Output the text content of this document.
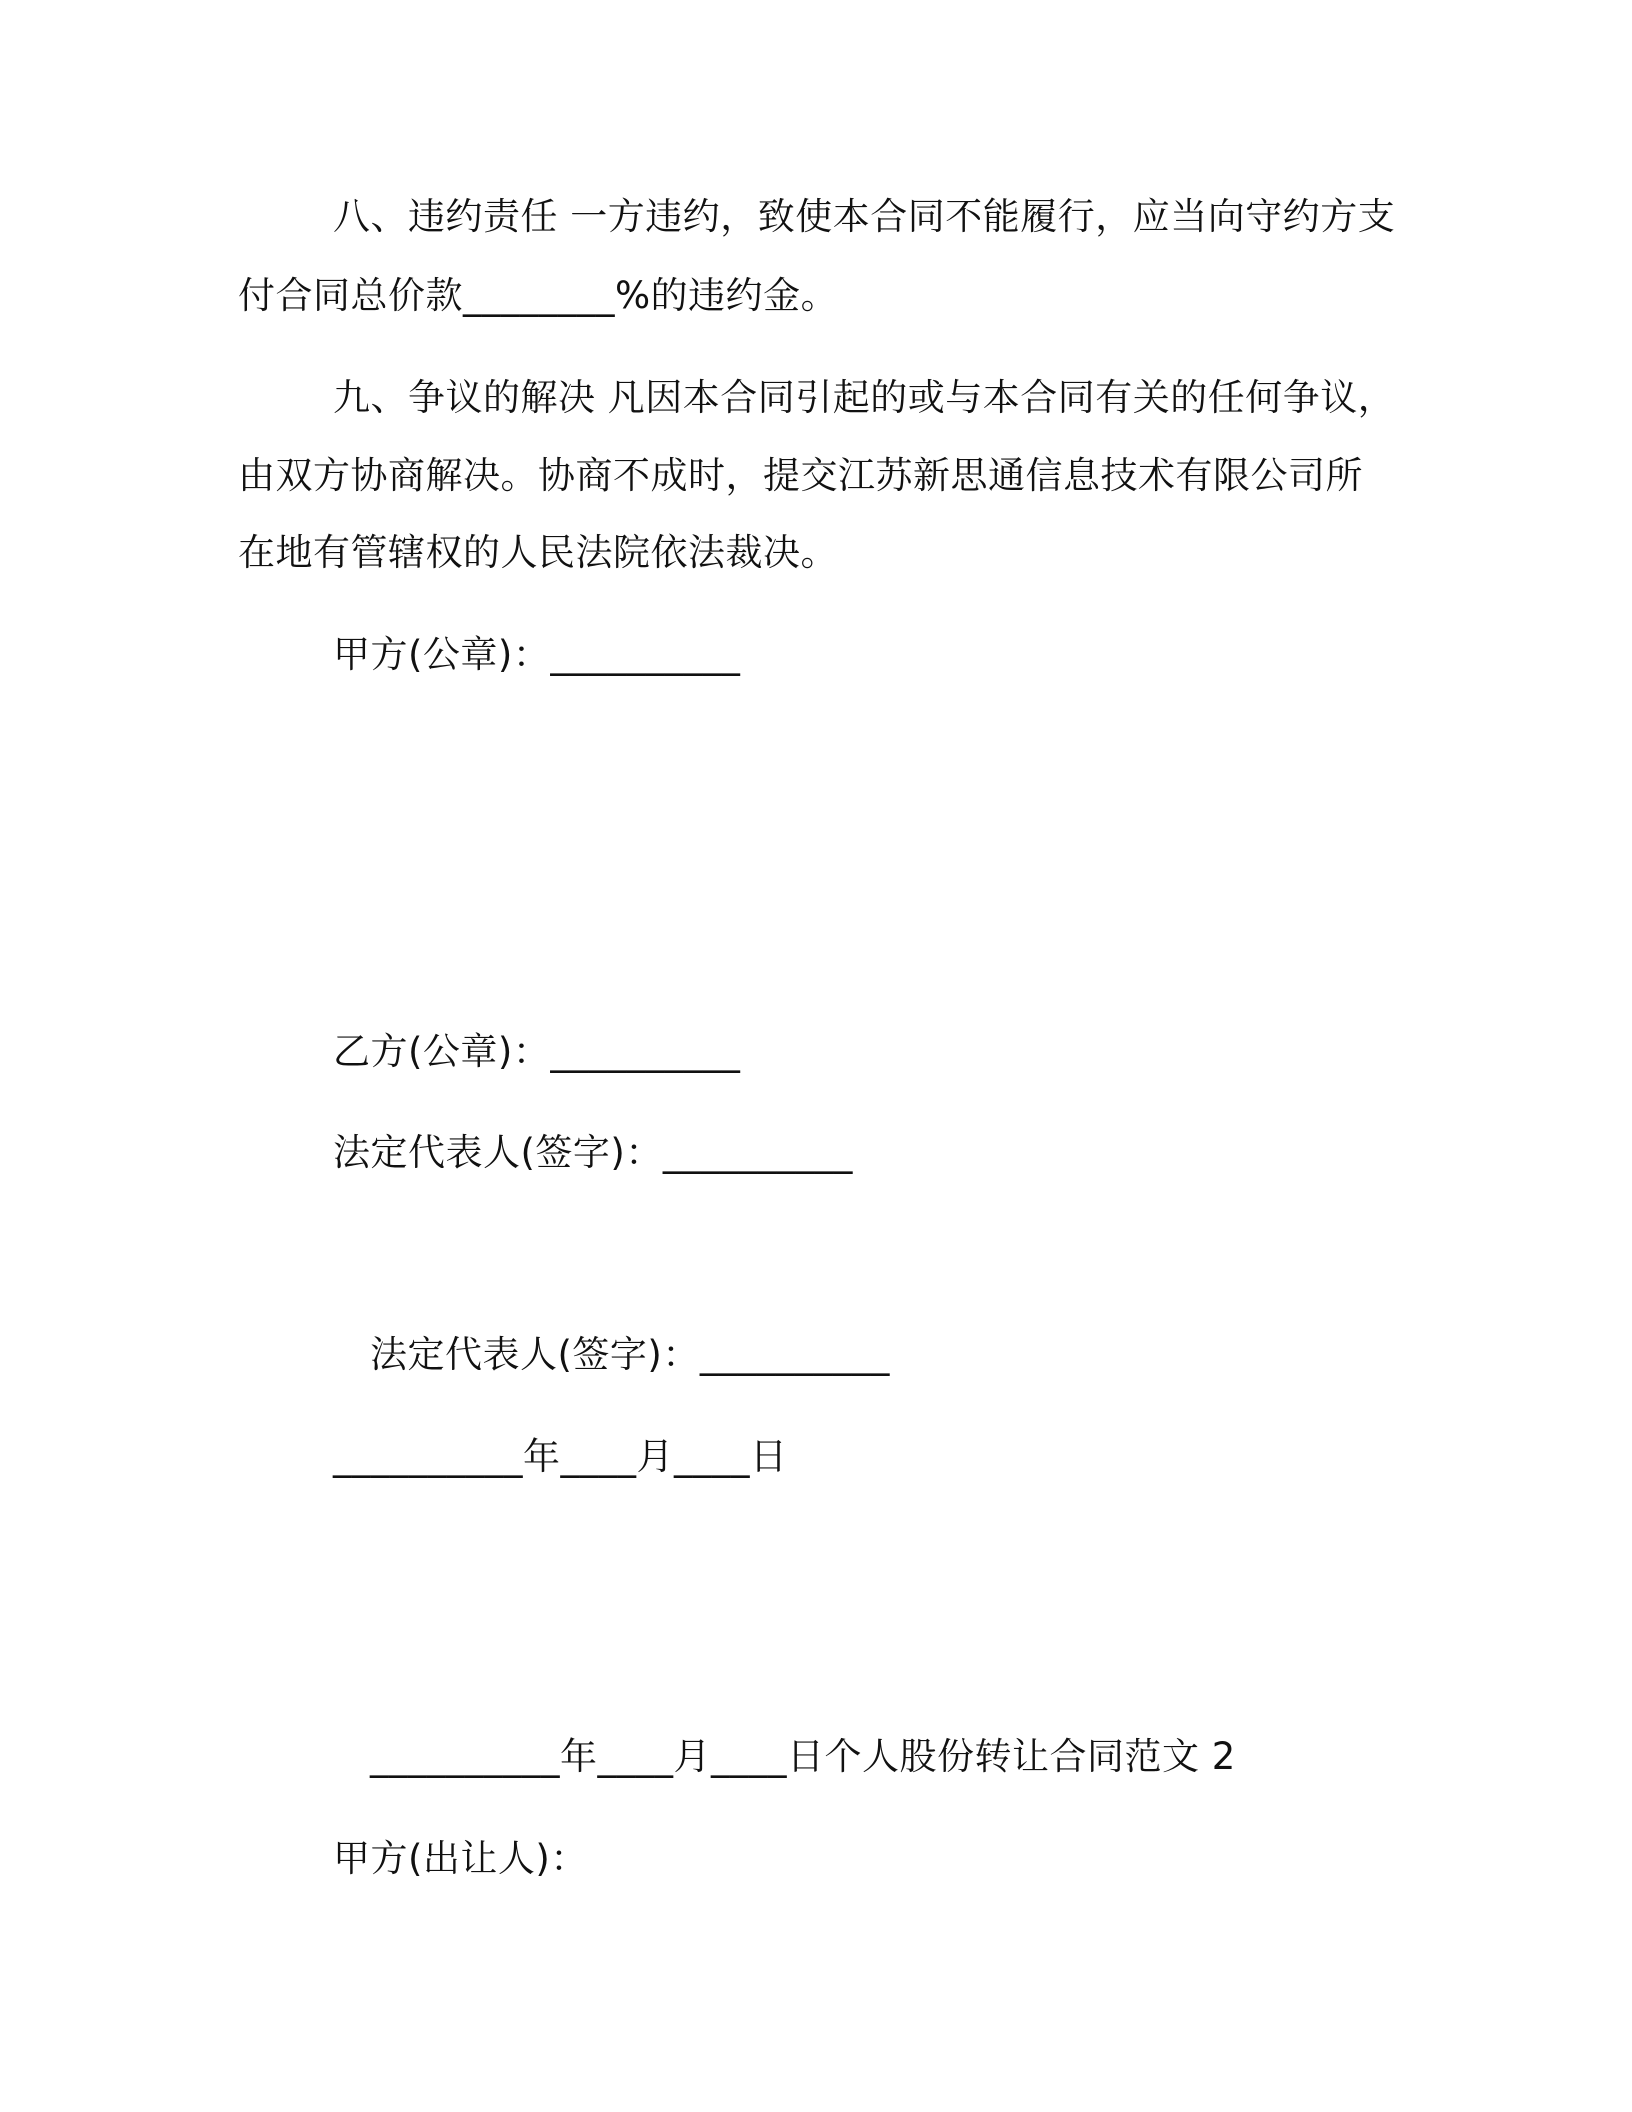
八、违约责任 一方违约，致使本合同不能履行，应当向守约方支
付合同总价款________%的违约金。
九、争议的解决 凡因本合同引起的或与本合同有关的任何争议，
由双方协商解决。协商不成时，提交江苏新思通信息技术有限公司所
在地有管辖权的人民法院依法裁决。
甲方(公章)：__________
乙方(公章)：__________
法定代表人(签字)：__________
法定代表人(签字)：__________
__________年____月____日
__________年____月____日个人股份转让合同范文 2
甲方(出让人)：
